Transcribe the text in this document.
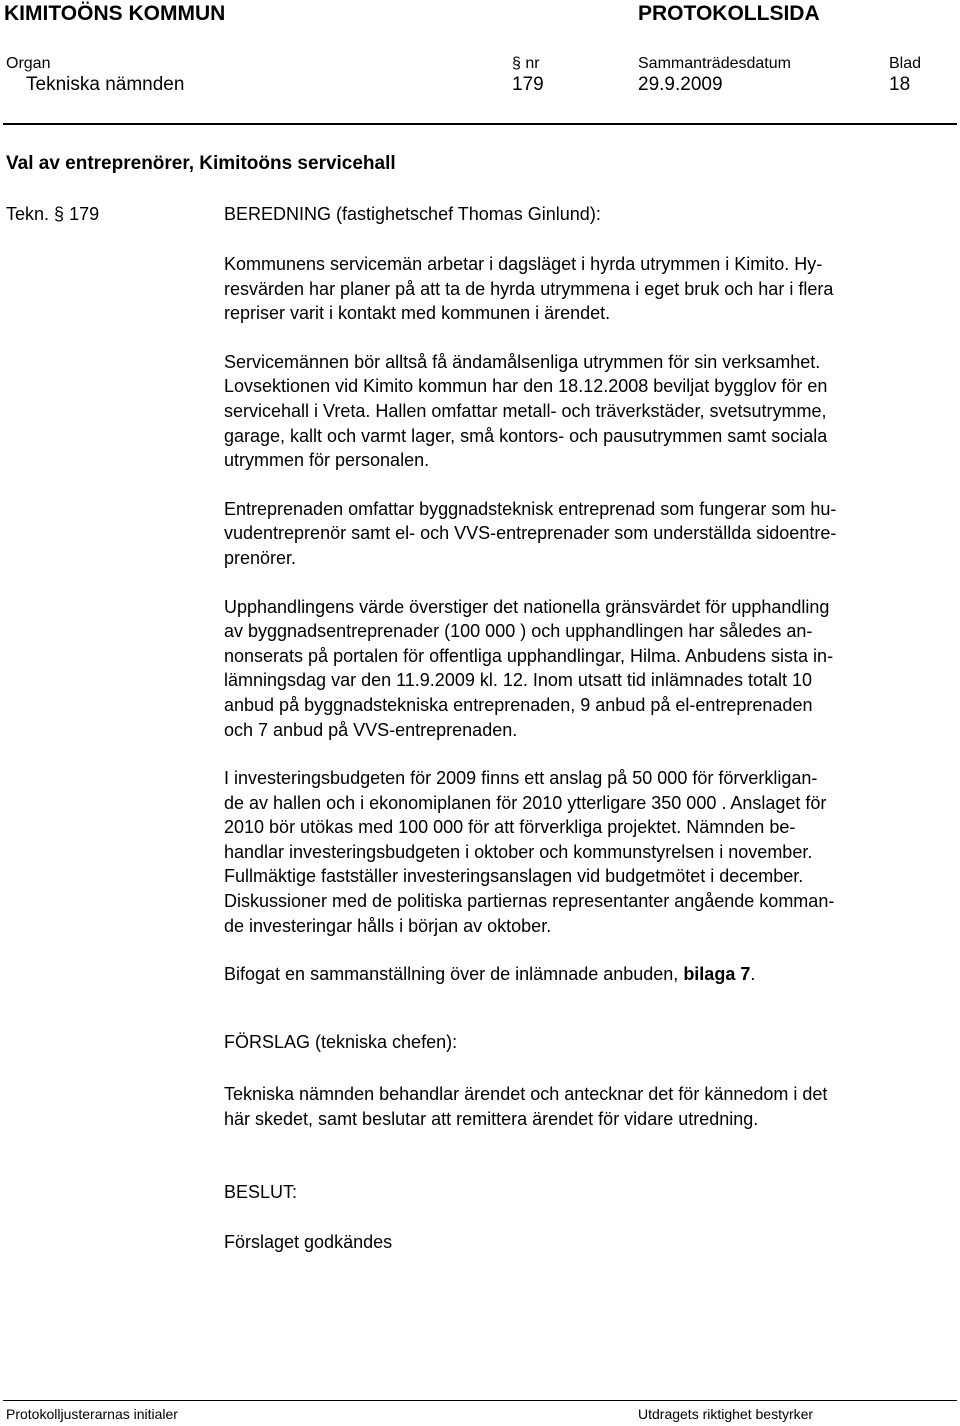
KIMITOÖNS KOMMUN	PROTOKOLLSIDA
Organ	§ nr	Sammanträdesdatum	Blad
Tekniska nämnden	179	29.9.2009	18
Val av entreprenörer, Kimitoöns servicehall
Tekn. § 179	BEREDNING (fastighetschef Thomas Ginlund):

Kommunens servicemän arbetar i dagsläget i hyrda utrymmen i Kimito. Hy-
resvärden har planer på att ta de hyrda utrymmena i eget bruk och har i flera
repriser varit i kontakt med kommunen i ärendet.

Servicemännen bör alltså få ändamålsenliga utrymmen för sin verksamhet.
Lovsektionen vid Kimito kommun har den 18.12.2008 beviljat bygglov för en
servicehall i Vreta. Hallen omfattar metall- och träverkstäder, svetsutrymme,
garage, kallt och varmt lager, små kontors- och pausutrymmen samt sociala
utrymmen för personalen.

Entreprenaden omfattar byggnadsteknisk entreprenad som fungerar som hu-
vudentreprenör samt el- och VVS-entreprenader som underställda sidoentre-
prenörer.

Upphandlingens värde överstiger det nationella gränsvärdet för upphandling
av byggnadsentreprenader (100 000 ) och upphandlingen har således an-
nonserats på portalen för offentliga upphandlingar, Hilma. Anbudens sista in-
lämningsdag var den 11.9.2009 kl. 12. Inom utsatt tid inlämnades totalt 10
anbud på byggnadstekniska entreprenaden, 9 anbud på el-entreprenaden
och 7 anbud på VVS-entreprenaden.

I investeringsbudgeten för 2009 finns ett anslag på 50 000 för förverkligan-
de av hallen och i ekonomiplanen för 2010 ytterligare 350 000 . Anslaget för
2010 bör utökas med 100 000 för att förverkliga projektet. Nämnden be-
handlar investeringsbudgeten i oktober och kommunstyrelsen i november.
Fullmäktige fastställer investeringsanslagen vid budgetmötet i december.
Diskussioner med de politiska partiernas representanter angående komman-
de investeringar hålls i början av oktober.

Bifogat en sammanställning över de inlämnade anbuden, bilaga 7.

FÖRSLAG (tekniska chefen):

Tekniska nämnden behandlar ärendet och antecknar det för kännedom i det
här skedet, samt beslutar att remittera ärendet för vidare utredning.

BESLUT:
Förslaget godkändes
Protokolljusterarnas initialer	Utdragets riktighet bestyrker
